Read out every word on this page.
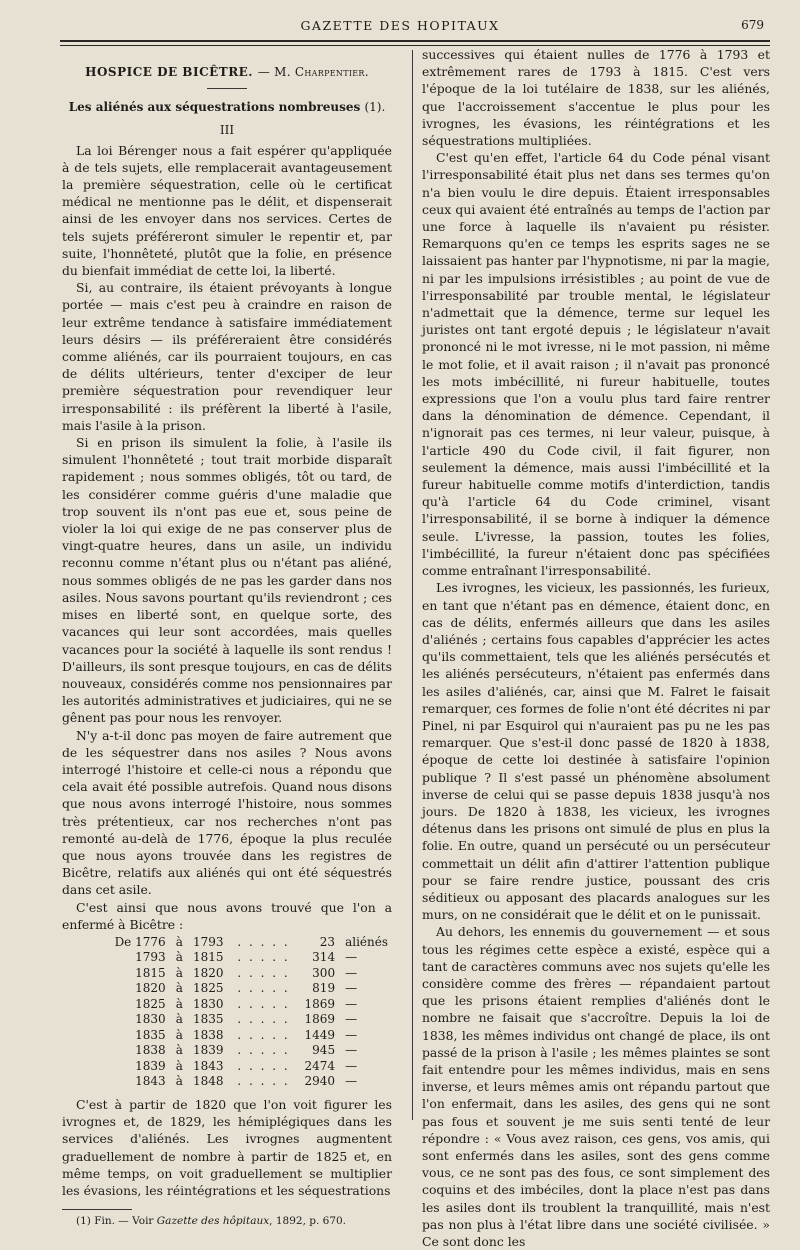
GAZETTE DES HOPITAUX	679
HOSPICE DE BICÊTRE. — M. Charpentier.
Les aliénés aux séquestrations nombreuses (1).
III

La loi Bérenger nous a fait espérer qu'appliquée à de tels sujets, elle remplacerait avantageusement la première séquestration, celle où le certificat médical ne mentionne pas le délit, et dispenserait ainsi de les envoyer dans nos services. Certes de tels sujets préféreront simuler le repentir et, par suite, l'honnêteté, plutôt que la folie, en présence du bienfait immédiat de cette loi, la liberté.

Si, au contraire, ils étaient prévoyants à longue portée — mais c'est peu à craindre en raison de leur extrême tendance à satisfaire immédiatement leurs désirs — ils préféreraient être considérés comme aliénés, car ils pourraient toujours, en cas de délits ultérieurs, tenter d'exciper de leur première séquestration pour revendiquer leur irresponsabilité : ils préfèrent la liberté à l'asile, mais l'asile à la prison.

Si en prison ils simulent la folie, à l'asile ils simulent l'honnêteté ; tout trait morbide disparaît rapidement ; nous sommes obligés, tôt ou tard, de les considérer comme guéris d'une maladie que trop souvent ils n'ont pas eue et, sous peine de violer la loi qui exige de ne pas conserver plus de vingt-quatre heures, dans un asile, un individu reconnu comme n'étant plus ou n'étant pas aliéné, nous sommes obligés de ne pas les garder dans nos asiles. Nous savons pourtant qu'ils reviendront ; ces mises en liberté sont, en quelque sorte, des vacances qui leur sont accordées, mais quelles vacances pour la société à laquelle ils sont rendus ! D'ailleurs, ils sont presque toujours, en cas de délits nouveaux, considérés comme nos pensionnaires par les autorités administratives et judiciaires, qui ne se gênent pas pour nous les renvoyer.

N'y a-t-il donc pas moyen de faire autrement que de les séquestrer dans nos asiles ? Nous avons interrogé l'histoire et celle-ci nous a répondu que cela avait été possible autrefois. Quand nous disons que nous avons interrogé l'histoire, nous sommes très prétentieux, car nos recherches n'ont pas remonté au-delà de 1776, époque la plus reculée que nous ayons trouvée dans les registres de Bicêtre, relatifs aux aliénés qui ont été séquestrés dans cet asile.

C'est ainsi que nous avons trouvé que l'on a enfermé à Bicêtre :

De 1776	à	1793	. . . . .	23	aliénés
1793	à	1815	. . . . .	314	—
1815	à	1820	. . . . .	300	—
1820	à	1825	. . . . .	819	—
1825	à	1830	. . . . .	1869	—
1830	à	1835	. . . . .	1869	—
1835	à	1838	. . . . .	1449	—
1838	à	1839	. . . . .	945	—
1839	à	1843	. . . . .	2474	—
1843	à	1848	. . . . .	2940	—

C'est à partir de 1820 que l'on voit figurer les ivrognes et, de 1829, les hémiplégiques dans les services d'aliénés. Les ivrognes augmentent graduellement de nombre à partir de 1825 et, en même temps, on voit graduellement se multiplier les évasions, les réintégrations et les séquestrations

(1) Fin. — Voir Gazette des hôpitaux, 1892, p. 670.

successives qui étaient nulles de 1776 à 1793 et extrêmement rares de 1793 à 1815. C'est vers l'époque de la loi tutélaire de 1838, sur les aliénés, que l'accroissement s'accentue le plus pour les ivrognes, les évasions, les réintégrations et les séquestrations multipliées.

C'est qu'en effet, l'article 64 du Code pénal visant l'irresponsabilité était plus net dans ses termes qu'on n'a bien voulu le dire depuis. Étaient irresponsables ceux qui avaient été entraînés au temps de l'action par une force à laquelle ils n'avaient pu résister. Remarquons qu'en ce temps les esprits sages ne se laissaient pas hanter par l'hypnotisme, ni par la magie, ni par les impulsions irrésistibles ; au point de vue de l'irresponsabilité par trouble mental, le législateur n'admettait que la démence, terme sur lequel les juristes ont tant ergoté depuis ; le législateur n'avait prononcé ni le mot ivresse, ni le mot passion, ni même le mot folie, et il avait raison ; il n'avait pas prononcé les mots imbécillité, ni fureur habituelle, toutes expressions que l'on a voulu plus tard faire rentrer dans la dénomination de démence. Cependant, il n'ignorait pas ces termes, ni leur valeur, puisque, à l'article 490 du Code civil, il fait figurer, non seulement la démence, mais aussi l'imbécillité et la fureur habituelle comme motifs d'interdiction, tandis qu'à l'article 64 du Code criminel, visant l'irresponsabilité, il se borne à indiquer la démence seule. L'ivresse, la passion, toutes les folies, l'imbécillité, la fureur n'étaient donc pas spécifiées comme entraînant l'irresponsabilité.

Les ivrognes, les vicieux, les passionnés, les furieux, en tant que n'étant pas en démence, étaient donc, en cas de délits, enfermés ailleurs que dans les asiles d'aliénés ; certains fous capables d'apprécier les actes qu'ils commettaient, tels que les aliénés persécutés et les aliénés persécuteurs, n'étaient pas enfermés dans les asiles d'aliénés, car, ainsi que M. Falret le faisait remarquer, ces formes de folie n'ont été décrites ni par Pinel, ni par Esquirol qui n'auraient pas pu ne les pas remarquer. Que s'est-il donc passé de 1820 à 1838, époque de cette loi destinée à satisfaire l'opinion publique ? Il s'est passé un phénomène absolument inverse de celui qui se passe depuis 1838 jusqu'à nos jours. De 1820 à 1838, les vicieux, les ivrognes détenus dans les prisons ont simulé de plus en plus la folie. En outre, quand un persécuté ou un persécuteur commettait un délit afin d'attirer l'attention publique pour se faire rendre justice, poussant des cris séditieux ou apposant des placards analogues sur les murs, on ne considérait que le délit et on le punissait.

Au dehors, les ennemis du gouvernement — et sous tous les régimes cette espèce a existé, espèce qui a tant de caractères communs avec nos sujets qu'elle les considère comme des frères — répandaient partout que les prisons étaient remplies d'aliénés dont le nombre ne faisait que s'accroître. Depuis la loi de 1838, les mêmes individus ont changé de place, ils ont passé de la prison à l'asile ; les mêmes plaintes se sont fait entendre pour les mêmes individus, mais en sens inverse, et leurs mêmes amis ont répandu partout que l'on enfermait, dans les asiles, des gens qui ne sont pas fous et souvent je me suis senti tenté de leur répondre : « Vous avez raison, ces gens, vos amis, qui sont enfermés dans les asiles, sont des gens comme vous, ce ne sont pas des fous, ce sont simplement des coquins et des imbéciles, dont la place n'est pas dans les asiles dont ils troublent la tranquillité, mais n'est pas non plus à l'état libre dans une société civilisée. » Ce sont donc les
